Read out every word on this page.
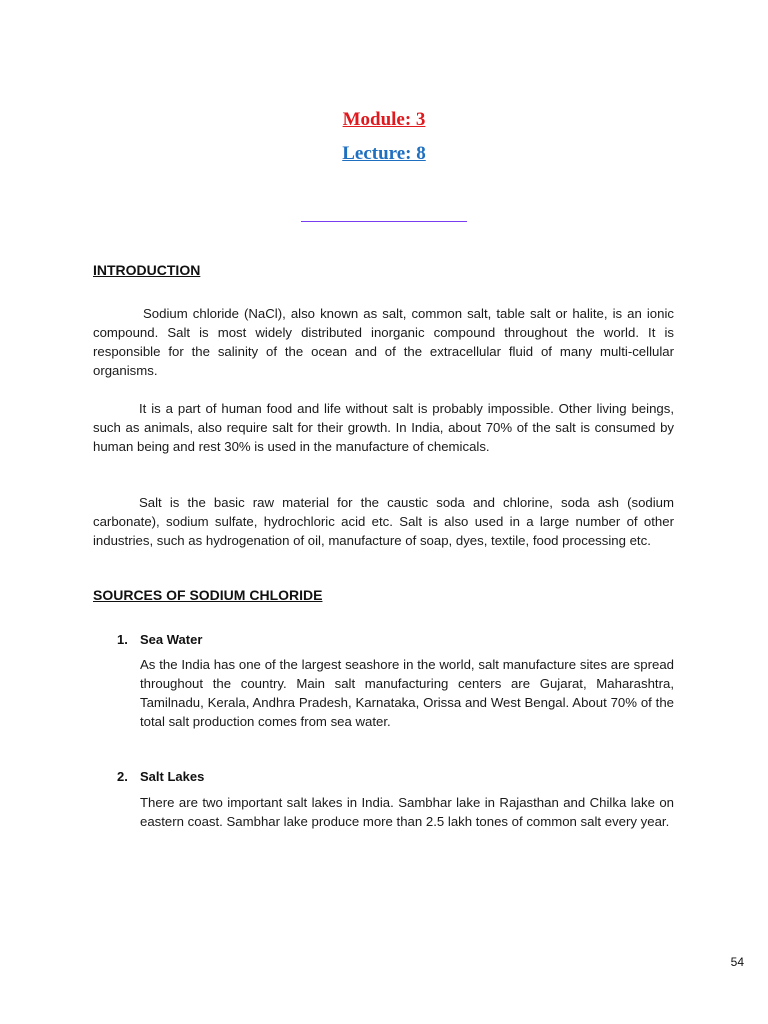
Module: 3
Lecture: 8
INTRODUCTION

Sodium chloride (NaCl), also known as salt, common salt, table salt or halite, is an ionic compound. Salt is most widely distributed inorganic compound throughout the world. It is responsible for the salinity of the ocean and of the extracellular fluid of many multi-cellular organisms.

It is a part of human food and life without salt is probably impossible. Other living beings, such as animals, also require salt for their growth. In India, about 70% of the salt is consumed by human being and rest 30% is used in the manufacture of chemicals.

Salt is the basic raw material for the caustic soda and chlorine, soda ash (sodium carbonate), sodium sulfate, hydrochloric acid etc. Salt is also used in a large number of other industries, such as hydrogenation of oil, manufacture of soap, dyes, textile, food processing etc.

SOURCES OF SODIUM CHLORIDE
1. Sea Water

As the India has one of the largest seashore in the world, salt manufacture sites are spread throughout the country. Main salt manufacturing centers are Gujarat, Maharashtra, Tamilnadu, Kerala, Andhra Pradesh, Karnataka, Orissa and West Bengal. About 70% of the total salt production comes from sea water.

2. Salt Lakes

There are two important salt lakes in India. Sambhar lake in Rajasthan and Chilka lake on eastern coast. Sambhar lake produce more than 2.5 lakh tones of common salt every year.

54
